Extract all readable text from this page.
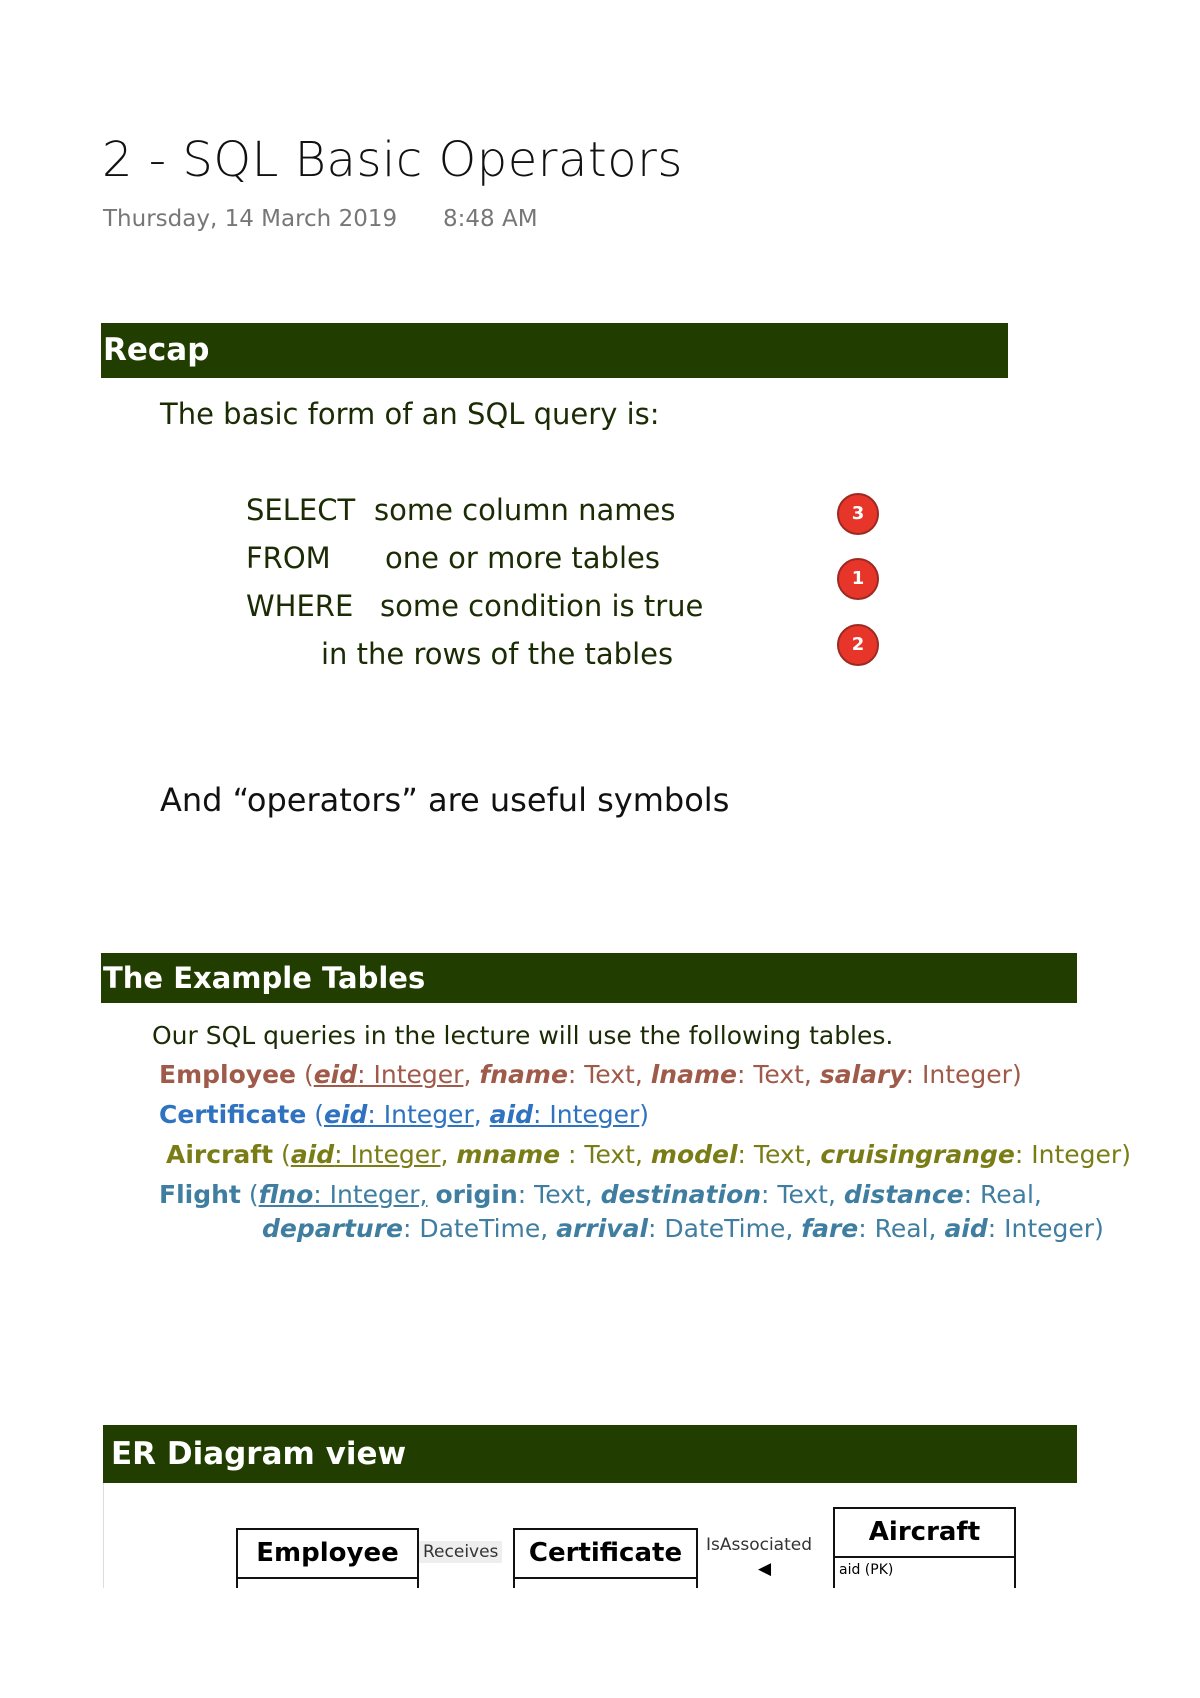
2 - SQL Basic Operators
Thursday, 14 March 2019 8:48 AM
Recap
The basic form of an SQL query is:
SELECT some column names	3
FROM one or more tables
1
WHERE some condition is true
2
in the rows of the tables
And “operators” are useful symbols
The Example Tables
Our SQL queries in the lecture will use the following tables.
Employee (eid: Integer, fname: Text, lname: Text, salary: Integer)
Certificate (eid: Integer, aid: Integer)
Aircraft (aid: Integer, mname : Text, model: Text, cruisingrange: Integer)
Flight (flno: Integer, origin: Text, destination: Text, distance: Real,
departure: DateTime, arrival: DateTime, fare: Real, aid: Integer)
ER Diagram view
Employee	Receives	Certificate	IsAssociated
◀
Aircraft
aid (PK)
